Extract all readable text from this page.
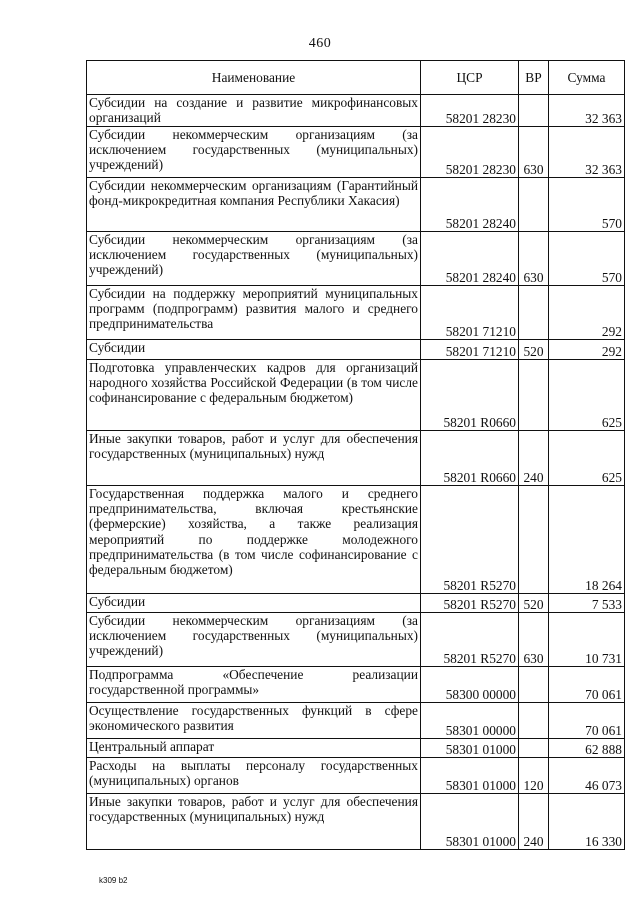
460
Наименование	ЦСР	ВР	Сумма
Субсидии на создание и развитие микрофинансовых организаций	58201 28230		32 363
Субсидии некоммерческим организациям (за исключением государственных (муниципальных) учреждений)	58201 28230	630	32 363
Субсидии некоммерческим организациям (Гарантийный фонд-микрокредитная компания Республики Хакасия)	58201 28240		570
Субсидии некоммерческим организациям (за исключением государственных (муниципальных) учреждений)	58201 28240	630	570
Субсидии на поддержку мероприятий муниципальных программ (подпрограмм) развития малого и среднего предпринимательства	58201 71210		292
Субсидии	58201 71210	520	292
Подготовка управленческих кадров для организаций народного хозяйства Российской Федерации (в том числе софинансирование с федеральным бюджетом)	58201 R0660		625
Иные закупки товаров, работ и услуг для обеспечения государственных (муниципальных) нужд	58201 R0660	240	625
Государственная поддержка малого и среднего предпринимательства, включая крестьянские (фермерские) хозяйства, а также реализация мероприятий по поддержке молодежного предпринимательства (в том числе софинансирование с федеральным бюджетом)	58201 R5270		18 264
Субсидии	58201 R5270	520	7 533
Субсидии некоммерческим организациям (за исключением государственных (муниципальных) учреждений)	58201 R5270	630	10 731
Подпрограмма «Обеспечение реализации государственной программы»	58300 00000		70 061
Осуществление государственных функций в сфере экономического развития	58301 00000		70 061
Центральный аппарат	58301 01000		62 888
Расходы на выплаты персоналу государственных (муниципальных) органов	58301 01000	120	46 073
Иные закупки товаров, работ и услуг для обеспечения государственных (муниципальных) нужд	58301 01000	240	16 330
k309 b2
